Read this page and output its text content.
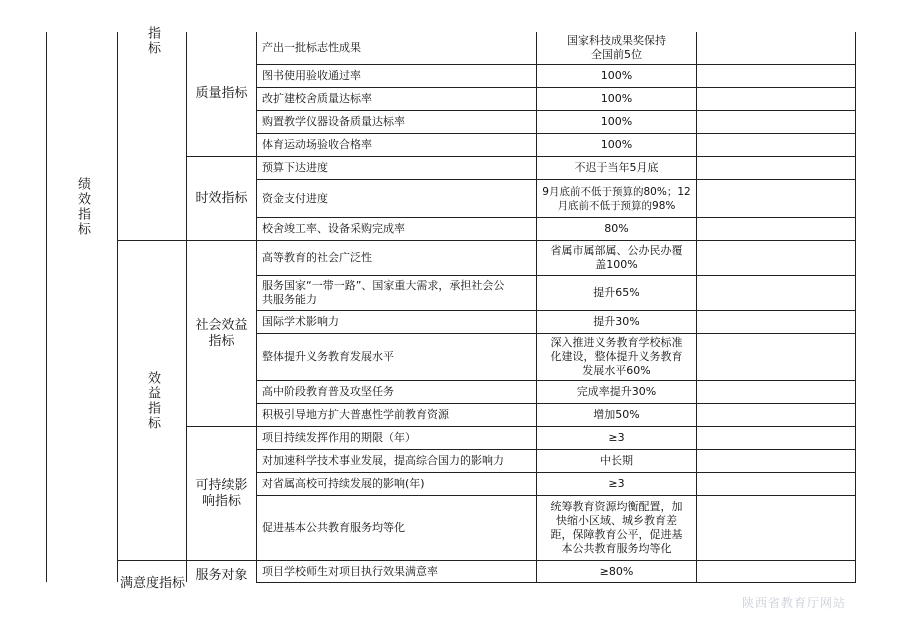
绩效指标
指标
效益指标
满意度指标
质量指标
时效指标
社会效益指标
可持续影响指标
服务对象
产出一批标志性成果
图书使用验收通过率
改扩建校舍质量达标率
购置教学仪器设备质量达标率
体育运动场验收合格率
预算下达进度
资金支付进度
校舍竣工率、设备采购完成率
高等教育的社会广泛性
服务国家“一带一路”、国家重大需求，承担社会公
共服务能力
国际学术影响力
整体提升义务教育发展水平
高中阶段教育普及攻坚任务
积极引导地方扩大普惠性学前教育资源
项目持续发挥作用的期限（年）
对加速科学技术事业发展，提高综合国力的影响力
对省属高校可持续发展的影响(年)
促进基本公共教育服务均等化
项目学校师生对项目执行效果满意率
国家科技成果奖保持
全国前5位
100%
100%
100%
100%
不迟于当年5月底
9月底前不低于预算的80%；12
月底前不低于预算的98%
80%
省属市属部属、公办民办覆
盖100%
提升65%
提升30%
深入推进义务教育学校标准
化建设，整体提升义务教育
发展水平60%
完成率提升30%
增加50%
≥3
中长期
≥3
统筹教育资源均衡配置，加
快缩小区域、城乡教育差
距，保障教育公平，促进基
本公共教育服务均等化
≥80%
陕西省教育厅网站
